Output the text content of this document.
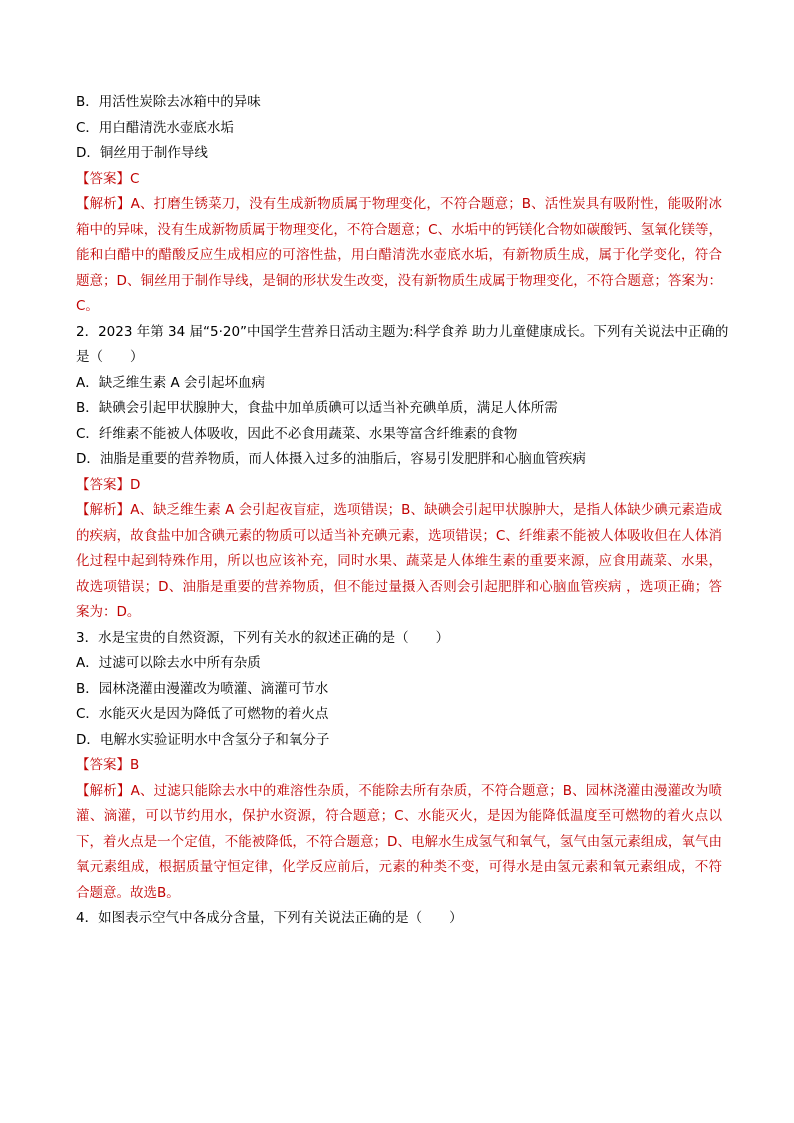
B．用活性炭除去冰箱中的异味
C．用白醋清洗水壶底水垢
D．铜丝用于制作导线
【答案】C
【解析】A、打磨生锈菜刀，没有生成新物质属于物理变化，不符合题意；B、活性炭具有吸附性，能吸附冰箱中的异味，没有生成新物质属于物理变化，不符合题意；C、水垢中的钙镁化合物如碳酸钙、氢氧化镁等，能和白醋中的醋酸反应生成相应的可溶性盐，用白醋清洗水壶底水垢，有新物质生成，属于化学变化，符合题意；D、铜丝用于制作导线，是铜的形状发生改变，没有新物质生成属于物理变化，不符合题意；答案为：C。
2．2023 年第 34 届“5·20”中国学生营养日活动主题为:科学食养 助力儿童健康成长。下列有关说法中正确的
是（　　）
A．缺乏维生素 A 会引起坏血病
B．缺碘会引起甲状腺肿大，食盐中加单质碘可以适当补充碘单质，满足人体所需
C．纤维素不能被人体吸收，因此不必食用蔬菜、水果等富含纤维素的食物
D．油脂是重要的营养物质，而人体摄入过多的油脂后，容易引发肥胖和心脑血管疾病
【答案】D
【解析】A、缺乏维生素 A 会引起夜盲症，选项错误；B、缺碘会引起甲状腺肿大，是指人体缺少碘元素造成的疾病，故食盐中加含碘元素的物质可以适当补充碘元素，选项错误；C、纤维素不能被人体吸收但在人体消化过程中起到特殊作用，所以也应该补充，同时水果、蔬菜是人体维生素的重要来源，应食用蔬菜、水果，故选项错误；D、油脂是重要的营养物质，但不能过量摄入否则会引起肥胖和心脑血管疾病 ，选项正确；答案为：D。
3．水是宝贵的自然资源，下列有关水的叙述正确的是（　　）
A．过滤可以除去水中所有杂质
B．园林浇灌由漫灌改为喷灌、滴灌可节水
C．水能灭火是因为降低了可燃物的着火点
D．电解水实验证明水中含氢分子和氧分子
【答案】B
【解析】A、过滤只能除去水中的难溶性杂质，不能除去所有杂质，不符合题意；B、园林浇灌由漫灌改为喷灌、滴灌，可以节约用水，保护水资源，符合题意；C、水能灭火，是因为能降低温度至可燃物的着火点以下，着火点是一个定值，不能被降低，不符合题意；D、电解水生成氢气和氧气，氢气由氢元素组成，氧气由氧元素组成，根据质量守恒定律，化学反应前后，元素的种类不变，可得水是由氢元素和氧元素组成，不符合题意。故选B。
4．如图表示空气中各成分含量，下列有关说法正确的是（　　）
